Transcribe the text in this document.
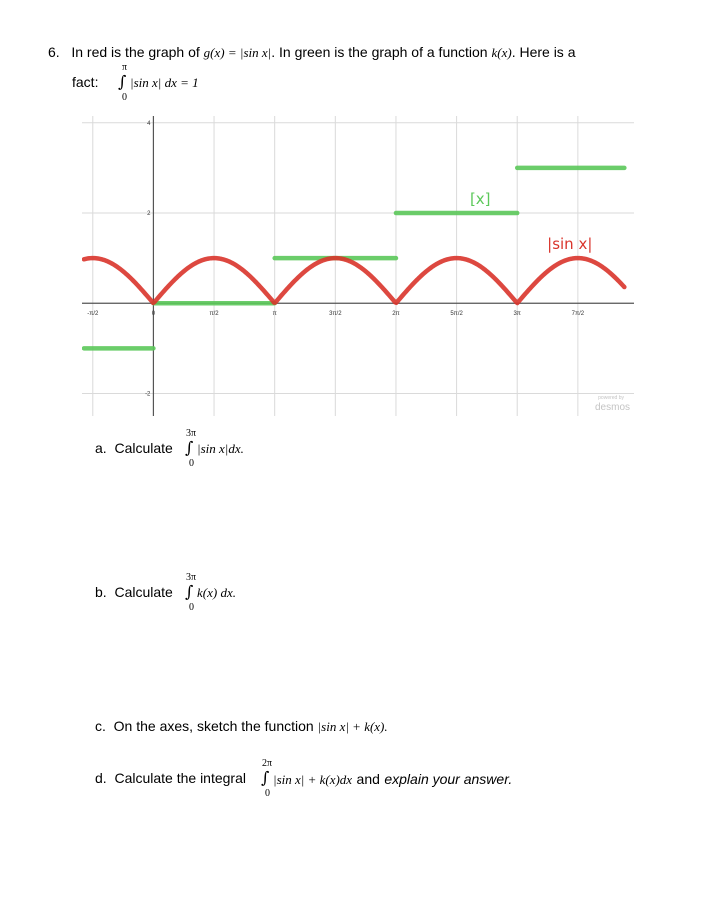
6. In red is the graph of g(x) = |sin x|. In green is the graph of a function k(x). Here is a
fact:
π
∫
0
|sin x| dx = 1
-π/2	0	π/2	π	3π/2	2π	5π/2	3π	7π/2
4
2
-2
[x]
|sin x|
powered by
desmos
a. Calculate
3π
∫
0
|sin x|dx.
b. Calculate
3π
∫
0
k(x) dx.
c. On the axes, sketch the function |sin x| + k(x).
d. Calculate the integral
2π
∫
0
|sin x| + k(x)dx and explain your answer.
